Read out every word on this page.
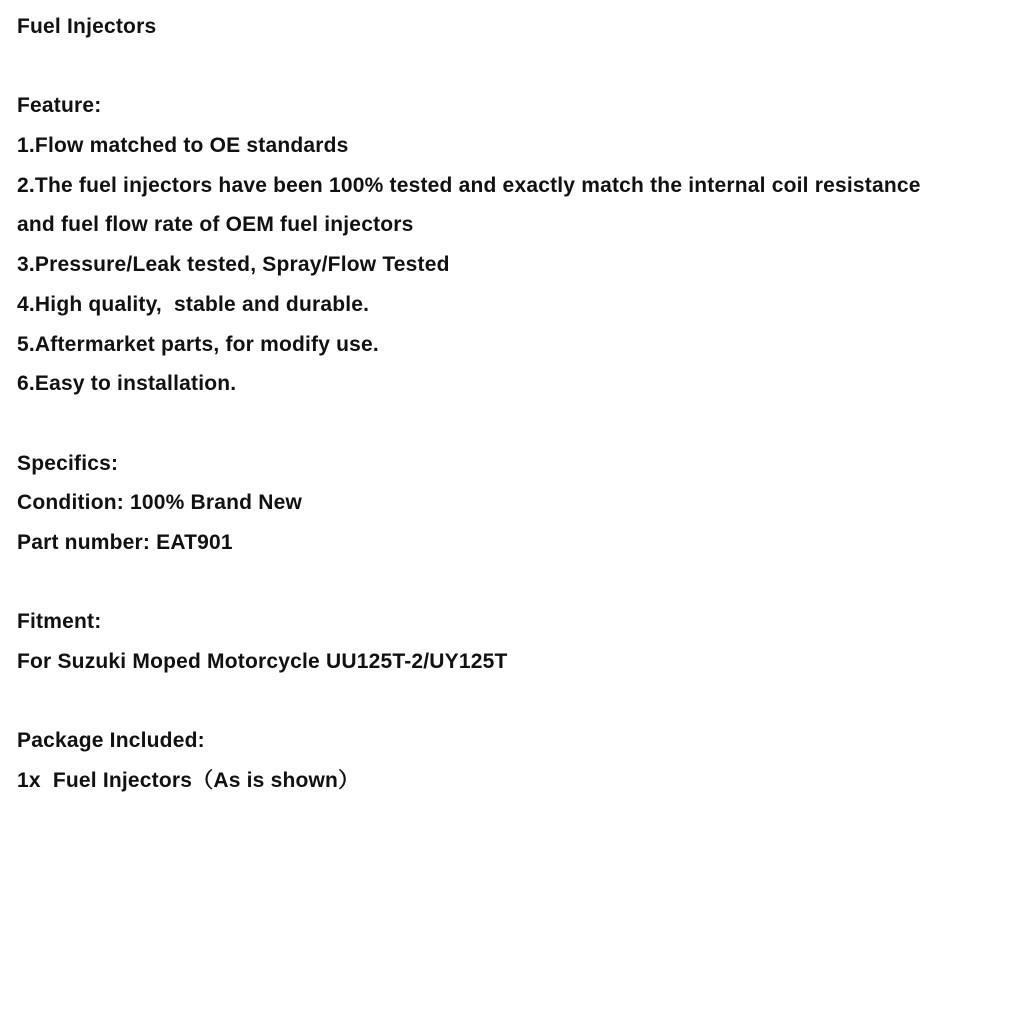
Fuel Injectors
Feature:
1.Flow matched to OE standards
2.The fuel injectors have been 100% tested and exactly match the internal coil resistance
and fuel flow rate of OEM fuel injectors
3.Pressure/Leak tested, Spray/Flow Tested
4.High quality,  stable and durable.
5.Aftermarket parts, for modify use.
6.Easy to installation.
Specifics:
Condition: 100% Brand New
Part number: EAT901
Fitment:
For Suzuki Moped Motorcycle UU125T-2/UY125T
Package Included:
1x  Fuel Injectors（As is shown）
